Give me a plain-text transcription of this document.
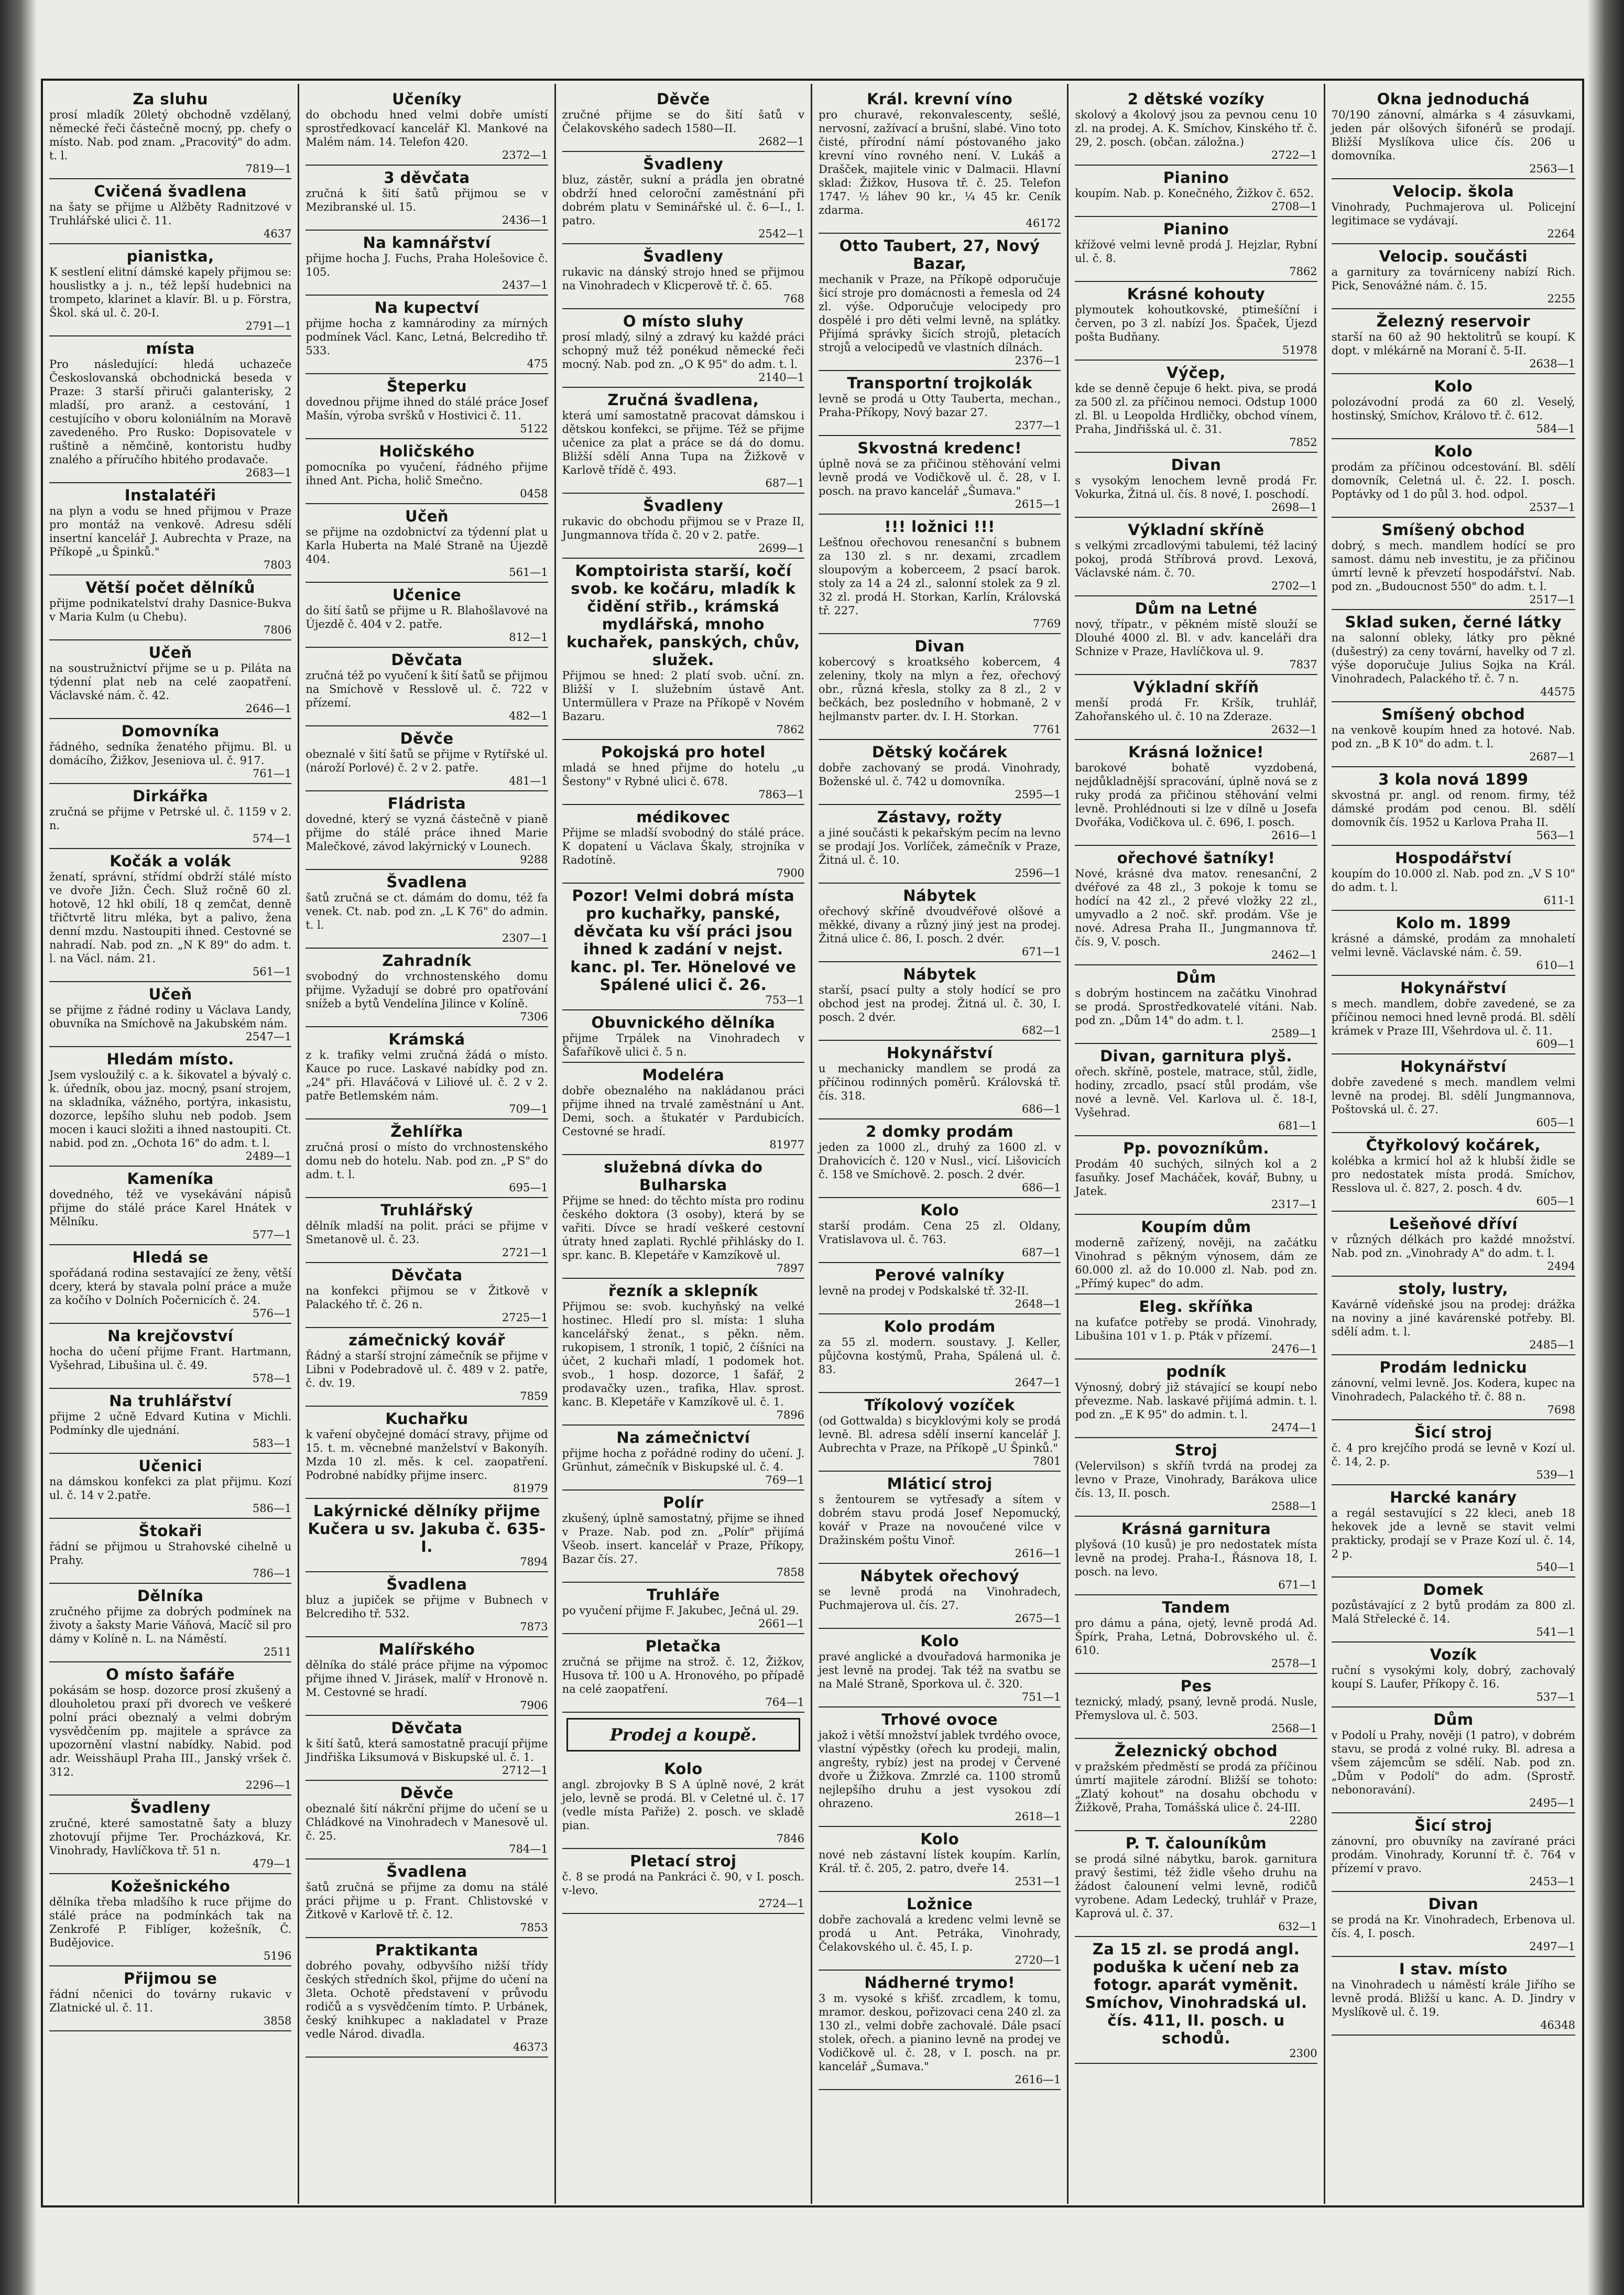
Za sluhu
prosí mladík 20letý obchodně vzdělaný, německé řeči částečně mocný, pp. chefy o místo. Nab. pod znam. „Pracovitý" do adm. t. l.
7819—1
Cvičená švadlena
na šaty se přijme u Alžběty Radnitzové v Truhlářské ulici č. 11.
4637
pianistka,
K sestlení elitní dámské kapely přijmou se: houslistky a j. n., též lepší hudebnici na trompeto, klarinet a klavír. Bl. u p. Förstra, Škol. ská ul. č. 20-I.
2791—1
místa
Pro následující: hledá uchazeče Českoslovanská obchodnická beseda v Praze: 3 starší přiruči galanterisky, 2 mladší, pro aranž. a cestování, 1 cestujícího v oboru koloniálním na Moravě zavedeného. Pro Rusko: Dopisovatele v ruštině a němčině, kontoristu hudby znalého a příručího hbitého prodavače.
2683—1
Instalatéři
na plyn a vodu se hned přijmou v Praze pro montáž na venkově. Adresu sdělí insertní kancelář J. Aubrechta v Praze, na Příkopě „u Špinků."
7803
Větší počet dělníků
přijme podnikatelství drahy Dasnice-Bukva v Maria Kulm (u Chebu).
7806
Učeň
na soustružnictví přijme se u p. Piláta na týdenní plat neb na celé zaopatření. Václavské nám. č. 42.
2646—1
Domovníka
řádného, sedníka ženatého přijmu. Bl. u domácího, Žižkov, Jeseniova ul. č. 917.
761—1
Dirkářka
zručná se přijme v Petrské ul. č. 1159 v 2. n.
574—1
Kočák a volák
ženatí, správní, střídmí obdrží stálé místo ve dvoře Jižn. Čech. Služ ročně 60 zl. hotově, 12 hkl obilí, 18 q zemčat, denně třičtvrtě litru mléka, byt a palivo, žena denní mzdu. Nastoupiti ihned. Cestovné se nahradí. Nab. pod zn. „N K 89" do adm. t. l. na Václ. nám. 21.
561—1
Učeň
se přijme z řádné rodiny u Václava Landy, obuvníka na Smíchově na Jakubském nám.
2547—1
Hledám místo.
Jsem vysloužilý c. a k. šikovatel a bývalý c. k. úředník, obou jaz. mocný, psaní strojem, na skladníka, vážného, portýra, inkasistu, dozorce, lepšího sluhu neb podob. Jsem mocen i kauci složiti a ihned nastoupiti. Ct. nabid. pod zn. „Ochota 16" do adm. t. l.
2489—1
Kameníka
dovedného, též ve vysekávání nápisů přijme do stálé práce Karel Hnátek v Mělníku.
577—1
Hledá se
spořádaná rodina sestavající ze ženy, větší dcery, která by stavala polní práce a muže za kočího v Dolních Počernicích č. 24.
576—1
Na krejčovství
hocha do učení přijme Frant. Hartmann, Vyšehrad, Libušina ul. č. 49.
578—1
Na truhlářství
přijme 2 učně Edvard Kutina v Michli. Podmínky dle ujednání.
583—1
Učenici
na dámskou konfekci za plat přijmu. Kozí ul. č. 14 v 2.patře.
586—1
Štokaři
řádní se přijmou u Strahovské cihelně u Prahy.
786—1
Dělníka
zručného přijme za dobrých podmínek na životy a šaksty Marie Váňová, Macíč sil pro dámy v Kolíně n. L. na Náměstí.
2511
O místo šafáře
pokásám se hosp. dozorce prosí zkušený a dlouholetou praxí při dvorech ve veškeré polní práci obeznalý a velmi dobrým vysvědčením pp. majitele a správce za upozornění vlastní nabídky. Nabid. pod adr. Weisshäupl Praha III., Janský vršek č. 312.
2296—1
Švadleny
zručné, které samostatně šaty a bluzy zhotovují přijme Ter. Procházková, Kr. Vinohrady, Havlíčkova tř. 51 n.
479—1
Kožešnického
dělníka třeba mladšího k ruce přijme do stálé práce na podmínkách tak na Zenkrofé P. Fiblíger, kožešník, Č. Budějovice.
5196
Přijmou se
řádní nčenici do továrny rukavic v Zlatnické ul. č. 11.
3858
Učeníky
do obchodu hned velmi dobře umístí sprostředkovací kancelář Kl. Mankové na Malém nám. 14. Telefon 420.
2372—1
3 děvčata
zručná k šití šatů přijmou se v Mezibranské ul. 15.
2436—1
Na kamnářství
přijme hocha J. Fuchs, Praha Holešovice č. 105.
2437—1
Na kupectví
přijme hocha z kamnárodiny za mírných podmínek Václ. Kanc, Letná, Belcrediho tř. 533.
475
Šteperku
dovednou přijme ihned do stálé práce Josef Mašín, výroba svršků v Hostivici č. 11.
5122
Holičského
pomocníka po vyučení, řádného přijme ihned Ant. Picha, holič Smečno.
0458
Učeň
se přijme na ozdobnictví za týdenní plat u Karla Huberta na Malé Straně na Újezdě 404.
561—1
Učenice
do šití šatů se přijme u R. Blahošlavové na Újezdě č. 404 v 2. patře.
812—1
Děvčata
zručná též po vyučení k šití šatů se přijmou na Smíchově v Resslově ul. č. 722 v přízemí.
482—1
Děvče
obeznalé v šití šatů se přijme v Rytířské ul. (nároží Porlové) č. 2 v 2. patře.
481—1
Fládrista
dovedné, který se vyzná částečně v pianě přijme do stálé práce ihned Marie Malečkové, závod lakýrnický v Lounech.
9288
Švadlena
šatů zručná se ct. dámám do domu, též fa venek. Ct. nab. pod zn. „L K 76" do admin. t. l.
2307—1
Zahradník
svobodný do vrchnostenského domu přijme. Vyžadují se dobré pro opatřování snížeb a bytů Vendelína Jilince v Kolíně.
7306
Krámská
z k. trafiky velmi zručná žádá o místo. Kauce po ruce. Laskavé nabídky pod zn. „24" při. Hlaváčová v Liliové ul. č. 2 v 2. patře Betlemském nám.
709—1
Žehlířka
zručná prosí o místo do vrchnostenského domu neb do hotelu. Nab. pod zn. „P S" do adm. t. l.
695—1
Truhlářský
dělník mladší na polit. práci se přijme v Smetanově ul. č. 23.
2721—1
Děvčata
na konfekci přijmou se v Žitkově v Palackého tř. č. 26 n.
2725—1
zámečnický kovář
Řádný a starší strojní zámečník se přijme v Libni v Podebradově ul. č. 489 v 2. patře, č. dv. 19.
7859
Kuchařku
k vaření obyčejné domácí stravy, přijme od 15. t. m. věcnebné manželství v Bakonyíh. Mzda 10 zl. měs. k cel. zaopatření. Podrobné nabídky přijme inserc.
81979
Lakýrnické dělníky přijme Kučera u sv. Jakuba č. 635-I.
7894
Švadlena
bluz a jupiček se přijme v Bubnech v Belcrediho tř. 532.
7873
Malířského
dělníka do stálé práce přijme na výpomoc přijme ihned V. Jirásek, malíř v Hronově n. M. Cestovné se hradí.
7906
Děvčata
k šití šatů, která samostatně pracují přijme Jindřiška Liksumová v Biskupské ul. č. 1.
2712—1
Děvče
obeznalé šití nákrční přijme do učení se u Chládkové na Vinohradech v Manesově ul. č. 25.
784—1
Švadlena
šatů zručná se přijme za domu na stálé práci přijme u p. Frant. Chlistovské v Žitkově v Karlově tř. č. 12.
7853
Praktikanta
dobrého povahy, odbyvšího nižší třídy českých středních škol, přijme do učení na 3leta. Ochotě představení v průvodu rodičů a s vysvědčením tímto. P. Urbánek, český knihkupec a nakladatel v Praze vedle Národ. divadla.
46373
Děvče
zručné přijme se do šití šatů v Čelakovského sadech 1580—II.
2682—1
Švadleny
bluz, zástěr, sukní a prádla jen obratné obdrží hned celoroční zaměstnání při dobrém platu v Seminářské ul. č. 6—I., I. patro.
2542—1
Švadleny
rukavic na dánský strojo hned se přijmou na Vinohradech v Klicperově tř. č. 65.
768
O místo sluhy
prosí mladý, silný a zdravý ku každé práci schopný muž též ponékud německé řeči mocný. Nab. pod zn. „O K 95" do adm. t. l.
2140—1
Zručná švadlena,
která umí samostatně pracovat dámskou i dětskou konfekci, se přijme. Též se přijme učenice za plat a práce se dá do domu. Bližší sdělí Anna Tupa na Žižkově v Karlově třídě č. 493.
687—1
Švadleny
rukavic do obchodu přijmou se v Praze II, Jungmannova třída č. 20 v 2. patře.
2699—1
Komptoirista starší, kočí svob. ke kočáru, mladík k čidění střib., krámská mydlářská, mnoho kuchařek, panských, chův, služek.
Přijmou se hned: 2 platí svob. uční. zn. Bližší v I. služebním ústavě Ant. Untermüllera v Praze na Příkopě v Novém Bazaru.
7862
Pokojská pro hotel
mladá se hned přijme do hotelu „u Šestony" v Rybné ulici č. 678.
7863—1
médikovec
Přijme se mladší svobodný do stálé práce. K dopatení u Václava Škaly, strojníka v Radotíně.
7900
Pozor! Velmi dobrá místa pro kuchařky, panské, děvčata ku vší práci jsou ihned k zadání v nejst. kanc. pl. Ter. Hönelové ve Spálené ulici č. 26.
753—1
Obuvnického dělníka
přijme Trpálek na Vinohradech v Šafaříkově ulici č. 5 n.
Modeléra
dobře obeznalého na nakládanou práci přijme ihned na trvalé zaměstnání u Ant. Demi, soch. a štukatér v Pardubicích. Cestovné se hradí.
81977
služebná dívka do Bulharska
Přijme se hned: do těchto místa pro rodinu českého doktora (3 osoby), která by se vařiti. Dívce se hradí veškeré cestovní útraty hned zaplati. Rychlé přihlásky do I. spr. kanc. B. Klepetáře v Kamzíkově ul.
7897
řezník a sklepník
Přijmou se: svob. kuchyňský na velké hostinec. Hledí pro sl. místa: 1 sluha kancelářský ženat., s pěkn. něm. rukopisem, 1 stroník, 1 topič, 2 číšníci na účet, 2 kuchaři mladí, 1 podomek hot. svob., 1 hosp. dozorce, 1 šafář, 2 prodavačky uzen., trafika, Hlav. sprost. kanc. B. Klepetáře v Kamzíkově ul. č. 1.
7896
Na zámečnictví
přijme hocha z pořádné rodiny do učení. J. Grünhut, zámečník v Biskupské ul. č. 4.
769—1
Polír
zkušený, úplně samostatný, přijme se ihned v Praze. Nab. pod zn. „Polír" přijímá Všeob. insert. kancelář v Praze, Příkopy, Bazar čís. 27.
7858
Truhláře
po vyučení přijme F. Jakubec, Ječná ul. 29.
2661—1
Pletačka
zručná se přijme na strož. č. 12, Žižkov, Husova tř. 100 u A. Hronového, po případě na celé zaopatření.
764—1
Prodej a koupě.
Kolo
angl. zbrojovky B S A úplně nové, 2 krát jelo, levně se prodá. Bl. v Celetné ul. č. 17 (vedle místa Pařiže) 2. posch. ve skladě pian.
7846
Pletací stroj
č. 8 se prodá na Pankráci č. 90, v I. posch. v-levo.
2724—1
Král. krevní víno
pro churavé, rekonvalescenty, sešlé, nervosní, zažívací a brušní, slabé. Vino toto čisté, přírodní námí póstovaného jako krevní víno rovného není. V. Lukáš a Drašček, majitele vinic v Dalmacii. Hlavní sklad: Žižkov, Husova tř. č. 25. Telefon 1747. ½ láhev 90 kr., ¼ 45 kr. Ceník zdarma.
46172
Otto Taubert, 27, Nový Bazar,
mechanik v Praze, na Příkopě odporučuje šicí stroje pro domácnosti a řemesla od 24 zl. výše. Odporučuje velocipedy pro dospělé i pro děti velmi levně, na splátky. Přijímá správky šicích strojů, pletacích strojů a velocipedů ve vlastních dílnách.
2376—1
Transportní trojkolák
levně se prodá u Otty Tauberta, mechan., Praha-Příkopy, Nový bazar 27.
2377—1
Skvostná kredenc!
úplně nová se za přičinou stěhování velmi levně prodá ve Vodičkově ul. č. 28, v I. posch. na pravo kancelář „Šumava."
2615—1
!!! ložnici !!!
Lešťnou ořechovou renesanční s bubnem za 130 zl. s nr. dexami, zrcadlem sloupovým a koberceem, 2 psací barok. stoly za 14 a 24 zl., salonní stolek za 9 zl. 32 zl. prodá H. Storkan, Karlín, Královská tř. 227.
7769
Divan
kobercový s kroatksého kobercem, 4 zeleniny, tkoly na mlyn a řez, ořechový obr., různá křesla, stolky za 8 zl., 2 v bečkách, bez posledního v hobmaně, 2 v hejlmanstv parter. dv. I. H. Storkan.
7761
Dětský kočárek
dobře zachovaný se prodá. Vinohrady, Boženské ul. č. 742 u domovníka.
2595—1
Zástavy, rožty
a jiné součásti k pekařským pecím na levno se prodají Jos. Vorlíček, zámečník v Praze, Žitná ul. č. 10.
2596—1
Nábytek
ořechový skříně dvoudvéřové olšové a měkké, divany a různý jiný jest na prodej. Žitná ulice č. 86, I. posch. 2 dvér.
671—1
Nábytek
starší, psací pulty a stoly hodící se pro obchod jest na prodej. Žitná ul. č. 30, I. posch. 2 dvér.
682—1
Hokynářství
u mechanicky mandlem se prodá za příčinou rodinných poměrů. Královská tř. čís. 318.
686—1
2 domky prodám
jeden za 1000 zl., druhý za 1600 zl. v Drahovicích č. 120 v Nusl., vicí. Lišovicích č. 158 ve Smíchově. 2. posch. 2 dvér.
686—1
Kolo
starší prodám. Cena 25 zl. Oldany, Vratislavova ul. č. 763.
687—1
Perové valníky
levně na prodej v Podskalské tř. 32-II.
2648—1
Kolo prodám
za 55 zl. modern. soustavy. J. Keller, půjčovna kostýmů, Praha, Spálená ul. č. 83.
2647—1
Tříkolový vozíček
(od Gottwalda) s bicyklovými koly se prodá levně. Bl. adresa sdělí inserní kancelář J. Aubrechta v Praze, na Příkopě „U Špinků."
7801
Mláticí stroj
s žentourem se vytřesaďy a sítem v dobrém stavu prodá Josef Nepomucký, kovář v Praze na novoučené vilce v Dražinském poštu Vinoř.
2616—1
Nábytek ořechový
se levně prodá na Vinohradech, Puchmajerova ul. čís. 27.
2675—1
Kolo
pravé anglické a dvouřadová harmonika je jest levně na prodej. Tak též na svatbu se na Malé Straně, Sporkova ul. č. 320.
751—1
Trhové ovoce
jakož i větší množství jablek tvrdého ovoce, vlastní výpěstky (ořech ku prodeji, malin, angrešty, rybíz) jest na prodej v Červené dvoře u Žižkova. Zmrzlé ca. 1100 stromů nejlepšího druhu a jest vysokou zdí ohrazeno.
2618—1
Kolo
nové neb zástavní lístek koupím. Karlín, Král. tř. č. 205, 2. patro, dveře 14.
2531—1
Ložnice
dobře zachovalá a kredenc velmi levně se prodá u Ant. Petráka, Vinohrady, Čelakovského ul. č. 45, I. p.
2720—1
Nádherné trymo!
3 m. vysoké s křišť. zrcadlem, k tomu, mramor. deskou, pořizovaci cena 240 zl. za 130 zl., velmi dobře zachovalé. Dále psací stolek, ořech. a pianino levně na prodej ve Vodičkově ul. č. 28, v I. posch. na pr. kancelář „Šumava."
2616—1
2 dětské vozíky
skolový a 4kolový jsou za pevnou cenu 10 zl. na prodej. A. K. Smíchov, Kinského tř. č. 29, 2. posch. (občan. záložna.)
2722—1
Pianino
koupím. Nab. p. Konečného, Žižkov č. 652.
2708—1
Pianino
křížové velmi levně prodá J. Hejzlar, Rybní ul. č. 8.
7862
Krásné kohouty
plymoutek kohoutkovské, ptimešíční i červen, po 3 zl. nabízí Jos. Špaček, Újezd pošta Budňany.
51978
Výčep,
kde se denně čepuje 6 hekt. piva, se prodá za 500 zl. za příčinou nemoci. Odstup 1000 zl. Bl. u Leopolda Hrdličky, obchod vínem, Praha, Jindřišská ul. č. 31.
7852
Divan
s vysokým lenochem levně prodá Fr. Vokurka, Žitná ul. čís. 8 nové, I. poschodí.
2698—1
Výkladní skříně
s velkými zrcadlovými tabulemi, též laciný pokoj, prodá Stříbrová provd. Lexová, Václavské nám. č. 70.
2702—1
Dům na Letné
nový, třípatr., v pěkném místě slouží se Dlouhé 4000 zl. Bl. v adv. kanceláři dra Schnize v Praze, Havlíčkova ul. 9.
7837
Výkladní skříň
menší prodá Fr. Kršík, truhlář, Zahořanského ul. č. 10 na Zderaze.
2632—1
Krásná ložnice!
barokové bohatě vyzdobená, nejdůkladnější spracování, úplně nová se z ruky prodá za přičinou stěhování velmi levně. Prohlédnouti si lze v dílně u Josefa Dvořáka, Vodičkova ul. č. 696, I. posch.
2616—1
ořechové šatníky!
Nové, krásné dva matov. renesanční, 2 dvéřové za 48 zl., 3 pokoje k tomu se hodící na 42 zl., 2 převé vložky 22 zl., umyvadlo a 2 noč. skř. prodám. Vše je nové. Adresa Praha II., Jungmannova tř. čís. 9, V. posch.
2462—1
Dům
s dobrým hostincem na začátku Vinohrad se prodá. Sprostředkovatelé vítáni. Nab. pod zn. „Dům 14" do adm. t. l.
2589—1
Divan, garnitura plyš.
ořech. skříně, postele, matrace, stůl, židle, hodiny, zrcadlo, psací stůl prodám, vše nové a levně. Vel. Karlova ul. č. 18-I, Vyšehrad.
681—1
Pp. povozníkům.
Prodám 40 suchých, silných kol a 2 fasuňky. Josef Macháček, kovář, Bubny, u Jatek.
2317—1
Koupím dům
moderně zařízený, nověji, na začátku Vinohrad s pěkným výnosem, dám ze 60.000 zl. až do 10.000 zl. Nab. pod zn. „Přímý kupec" do adm.
Eleg. skříňka
na kufaťce potřeby se prodá. Vinohrady, Libušina 101 v 1. p. Pták v přízemí.
2476—1
podník
Výnosný, dobrý již stávající se koupí nebo převezme. Nab. laskavé přijímá admin. t. l. pod zn. „E K 95" do admin. t. l.
2474—1
Stroj
(Velervilson) s skříň tvrdá na prodej za levno v Praze, Vinohrady, Barákova ulice čís. 13, II. posch.
2588—1
Krásná garnitura
plyšová (10 kusů) je pro nedostatek místa levně na prodej. Praha-I., Řásnova 18, I. posch. na levo.
671—1
Tandem
pro dámu a pána, ojetý, levně prodá Ad. Špírk, Praha, Letná, Dobrovského ul. č. 610.
2578—1
Pes
teznický, mladý, psaný, levně prodá. Nusle, Přemyslova ul. č. 503.
2568—1
Železnický obchod
v pražském předměstí se prodá za příčinou úmrtí majitele zárodní. Bližší se tohoto: „Zlatý kohout" na dosahu obchodu v Žižkově, Praha, Tomášská ulice č. 24-III.
2280
P. T. čalouníkům
se prodá silné nábytku, barok. garnitura pravý šestimi, též židle všeho druhu na žádost čalounení velmi levně, rodičů vyrobene. Adam Ledecký, truhlář v Praze, Kaprová ul. č. 37.
632—1
Za 15 zl. se prodá angl. poduška k učení neb za fotogr. aparát vyměnit. Smíchov, Vinohradská ul. čís. 411, II. posch. u schodů.
2300
Okna jednoduchá
70/190 zánovní, almárka s 4 zásuvkami, jeden pár olšových šifonérů se prodají. Bližší Myslíkova ulice čís. 206 u domovníka.
2563—1
Velocip. škola
Vinohrady, Puchmajerova ul. Policejní legitimace se vydávají.
2264
Velocip. součásti
a garnitury za továrníceny nabízí Rich. Pick, Senovážné nám. č. 15.
2255
Železný reservoir
starší na 60 až 90 hektolitrů se koupí. K dopt. v mlékárně na Moraní č. 5-II.
2638—1
Kolo
polozávodní prodá za 60 zl. Veselý, hostinský, Smíchov, Královo tř. č. 612.
584—1
Kolo
prodám za příčinou odcestování. Bl. sdělí domovník, Celetná ul. č. 22. I. posch. Poptávky od 1 do půl 3. hod. odpol.
2537—1
Smíšený obchod
dobrý, s mech. mandlem hodící se pro samost. dámu neb investitu, je za přičinou úmrtí levně k převzetí hospodářství. Nab. pod zn. „Budoucnost 550" do adm. t. l.
2517—1
Sklad suken, černé látky
na salonní obleky, látky pro pěkné (dušestrý) za ceny tovární, havelky od 7 zl. výše doporučuje Julius Sojka na Král. Vinohradech, Palackého tř. č. 7 n.
44575
Smíšený obchod
na venkově koupím hned za hotové. Nab. pod zn. „B K 10" do adm. t. l.
2687—1
3 kola nová 1899
skvostná pr. angl. od renom. firmy, též dámské prodám pod cenou. Bl. sdělí domovník čís. 1952 u Karlova Praha II.
563—1
Hospodářství
koupím do 10.000 zl. Nab. pod zn. „V S 10" do adm. t. l.
611-1
Kolo m. 1899
krásné a dámské, prodám za mnohaletí velmi levně. Václavské nám. č. 59.
610—1
Hokynářství
s mech. mandlem, dobře zavedené, se za příčinou nemoci hned levně prodá. Bl. sdělí krámek v Praze III, Všehrdova ul. č. 11.
609—1
Hokynářství
dobře zavedené s mech. mandlem velmi levně na prodej. Bl. sdělí Jungmannova, Poštovská ul. č. 27.
605—1
Čtyřkolový kočárek,
kolébka a krmicí hol až k hlubší židle se pro nedostatek místa prodá. Smíchov, Resslova ul. č. 827, 2. posch. 4 dv.
605—1
Lešeňové dříví
v různých délkách pro každé množství. Nab. pod zn. „Vinohrady A" do adm. t. l.
2494
stoly, lustry,
Kavárně vídeňské jsou na prodej: drážka na noviny a jiné kavárenské potřeby. Bl. sdělí adm. t. l.
2485—1
Prodám lednicku
zánovní, velmi levně. Jos. Kodera, kupec na Vinohradech, Palackého tř. č. 88 n.
7698
Šicí stroj
č. 4 pro krejčího prodá se levně v Kozí ul. č. 14, 2. p.
539—1
Harcké kanáry
a regál sestavující s 22 kleci, aneb 18 hekovek jde a levně se stavit velmi prakticky, prodají se v Praze Kozí ul. č. 14, 2 p.
540—1
Domek
pozůstávající z 2 bytů prodám za 800 zl. Malá Střelecké č. 14.
541—1
Vozík
ruční s vysokými koly, dobrý, zachovalý koupí S. Laufer, Příkopy č. 16.
537—1
Dům
v Podolí u Prahy, nověji (1 patro), v dobrém stavu, se prodá z volné ruky. Bl. adresa a všem zájemcům se sdělí. Nab. pod zn. „Dům v Podolí" do adm. (Sprostř. nebonoravání).
2495—1
Šicí stroj
zánovní, pro obuvníky na zavírané práci prodám. Vinohrady, Korunní tř. č. 764 v přízemí v pravo.
2453—1
Divan
se prodá na Kr. Vinohradech, Erbenova ul. čís. 4, I. posch.
2497—1
I stav. místo
na Vinohradech u náměstí krále Jiřího se levně prodá. Bližší u kanc. A. D. Jindry v Myslíkově ul. č. 19.
46348
